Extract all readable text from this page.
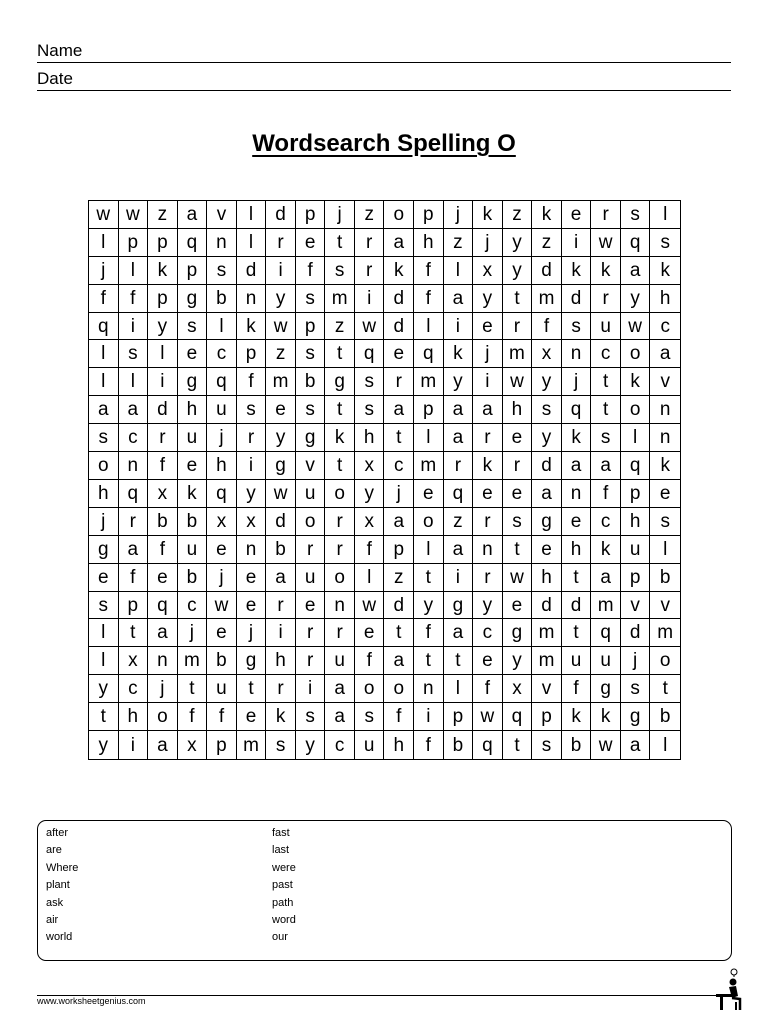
Name
Date
Wordsearch Spelling O
w w z	a	v	l	d p	j	z	o p	j	k	z	k	e	r	s	l
l	p p q n	l	r	e	t	r	a h	z	j	y	z	i	w q	s
j	l	k	p	s	d	i	f	s	r	k	f	l	x	y	d	k	k	a	k
f	f	p g b n	y	s m	i	d	f	a	y	t	m d	r	y	h
q	i	y	s	l	k w p	z w d	l	i	e	r	f	s	u w c
l	s	l	e	c	p	z	s	t	q e q	k	j	m x	n	c	o	a
l	l	i	g q	f	m b g	s	r m y	i	w y	j	t	k	v
a a d h u	s	e	s	t	s	a p a a h	s	q	t	o	n
s	c	r	u	j	r	y	g	k	h	t	l	a	r	e	y	k	s	l	n
o n	f	e h	i	g	v	t	x	c m r	k	r	d a a q	k
h q	x	k	q	y w u o	y	j	e q e e a n	f	p	e
j	r	b b	x	x	d o	r	x	a o	z	r	s	g e	c	h	s
g a	f	u e n b	r	r	f	p	l	a n	t	e h	k	u	l
e	f	e b	j	e a u o	l	z	t	i	r	w h	t	a p	b
s	p q	c w e	r	e n w d	y	g	y	e d d m v	v
l	t	a	j	e	j	i	r	r	e	t	f	a	c	g m	t	q d m
l	x	n m b g h	r	u	f	a	t	t	e	y m u u	j	o
y	c	j	t	u	t	r	i	a o o n	l	f	x	v	f	g	s	t
t	h o	f	f	e	k	s	a	s	f	i	p w q p	k	k	g	b
y	i	a	x	p m s	y	c	u h	f	b q	t	s	b w a	l
after
are
Where
plant
ask
air
world
fast
last
were
past
path
word
our
www.worksheetgenius.com
